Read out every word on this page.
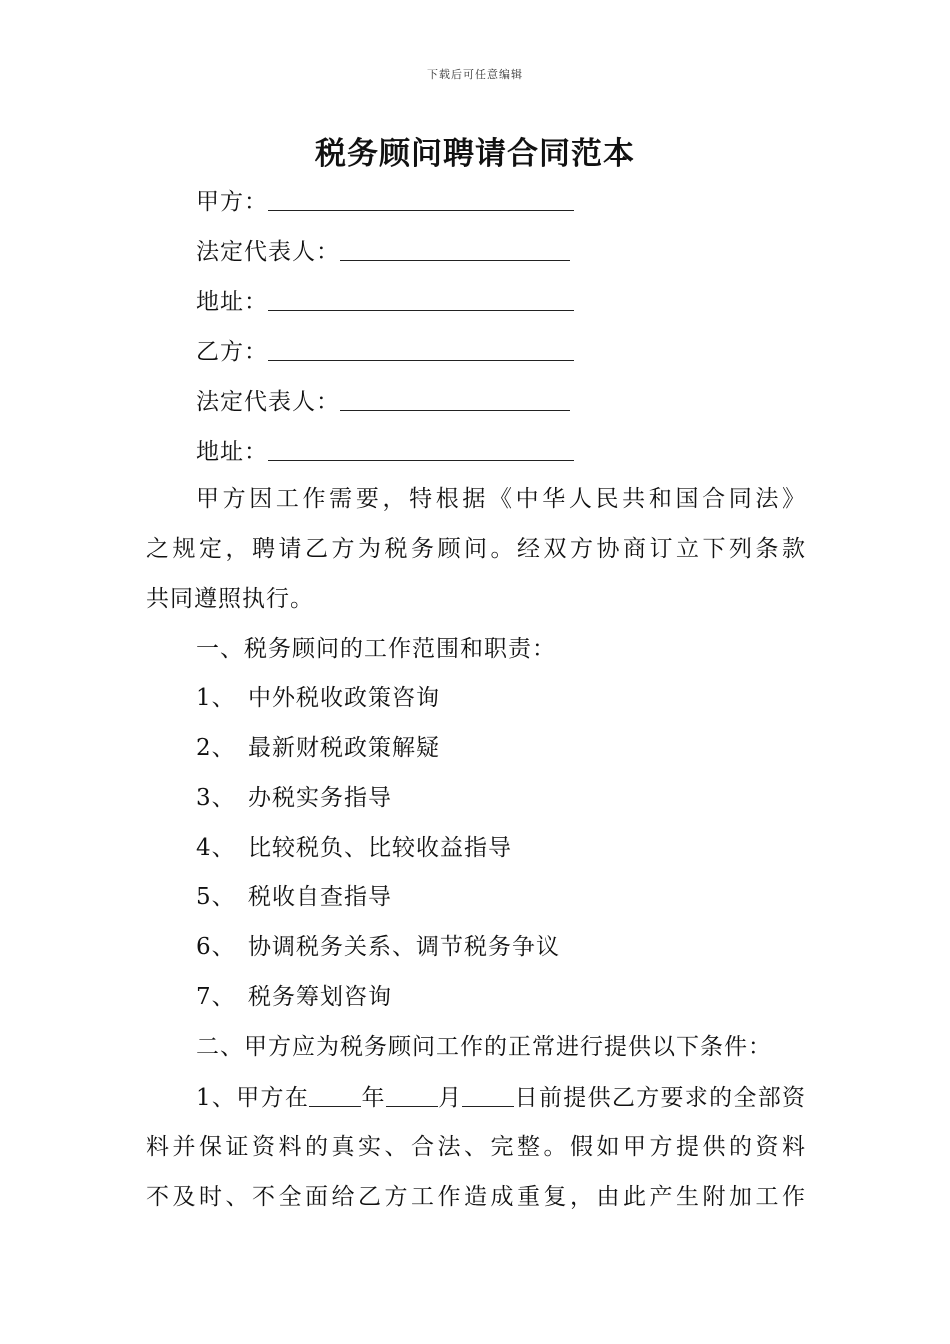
下载后可任意编辑
税务顾问聘请合同范本
甲方：
法定代表人：
地址：
乙方：
法定代表人：
地址：
甲方因工作需要，特根据《中华人民共和国合同法》
之规定，聘请乙方为税务顾问。经双方协商订立下列条款
共同遵照执行。
一、税务顾问的工作范围和职责：
1、 中外税收政策咨询
2、 最新财税政策解疑
3、 办税实务指导
4、 比较税负、比较收益指导
5、 税收自查指导
6、 协调税务关系、调节税务争议
7、 税务筹划咨询
二、甲方应为税务顾问工作的正常进行提供以下条件：
1、甲方在 年 月 日前提供乙方要求的全部资
料并保证资料的真实、合法、完整。假如甲方提供的资料
不及时、不全面给乙方工作造成重复，由此产生附加工作
